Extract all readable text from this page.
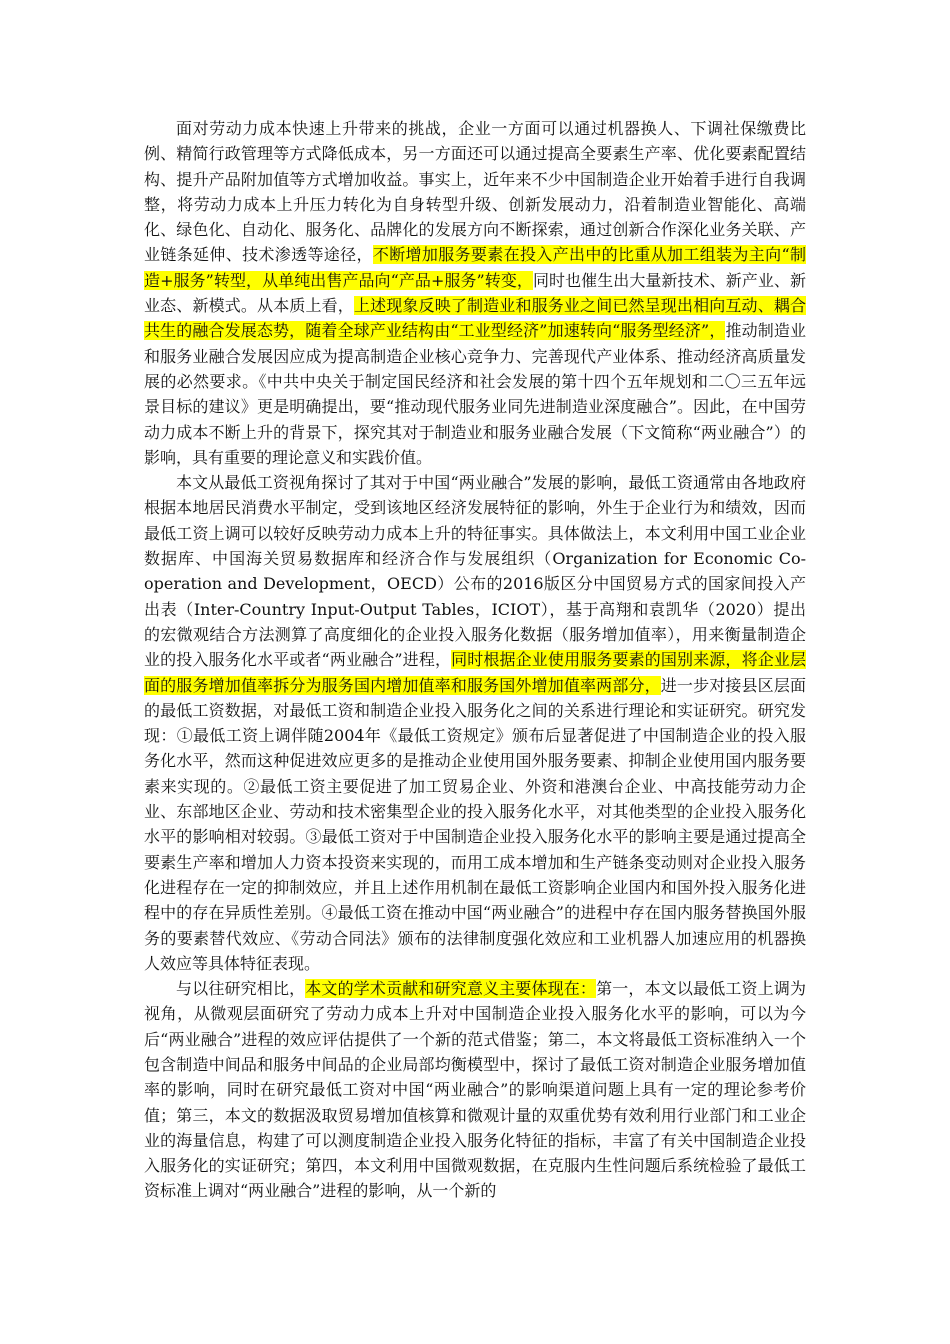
面对劳动力成本快速上升带来的挑战，企业一方面可以通过机器换人、下调社保缴费比例、精简行政管理等方式降低成本，另一方面还可以通过提高全要素生产率、优化要素配置结构、提升产品附加值等方式增加收益。事实上，近年来不少中国制造企业开始着手进行自我调整，将劳动力成本上升压力转化为自身转型升级、创新发展动力，沿着制造业智能化、高端化、绿色化、自动化、服务化、品牌化的发展方向不断探索，通过创新合作深化业务关联、产业链条延伸、技术渗透等途径，不断增加服务要素在投入产出中的比重从加工组装为主向“制造+服务”转型，从单纯出售产品向“产品+服务”转变，同时也催生出大量新技术、新产业、新业态、新模式。从本质上看，上述现象反映了制造业和服务业之间已然呈现出相向互动、耦合共生的融合发展态势，随着全球产业结构由“工业型经济”加速转向“服务型经济”，推动制造业和服务业融合发展因应成为提高制造企业核心竞争力、完善现代产业体系、推动经济高质量发展的必然要求。《中共中央关于制定国民经济和社会发展的第十四个五年规划和二〇三五年远景目标的建议》更是明确提出，要“推动现代服务业同先进制造业深度融合”。因此，在中国劳动力成本不断上升的背景下，探究其对于制造业和服务业融合发展（下文简称“两业融合”）的影响，具有重要的理论意义和实践价值。

本文从最低工资视角探讨了其对于中国“两业融合”发展的影响，最低工资通常由各地政府根据本地居民消费水平制定，受到该地区经济发展特征的影响，外生于企业行为和绩效，因而最低工资上调可以较好反映劳动力成本上升的特征事实。具体做法上，本文利用中国工业企业数据库、中国海关贸易数据库和经济合作与发展组织（Organization for Economic Co-operation and Development，OECD）公布的2016版区分中国贸易方式的国家间投入产出表（Inter-Country Input-Output Tables，ICIOT），基于高翔和袁凯华（2020）提出的宏微观结合方法测算了高度细化的企业投入服务化数据（服务增加值率），用来衡量制造企业的投入服务化水平或者“两业融合”进程，同时根据企业使用服务要素的国别来源，将企业层面的服务增加值率拆分为服务国内增加值率和服务国外增加值率两部分，进一步对接县区层面的最低工资数据，对最低工资和制造企业投入服务化之间的关系进行理论和实证研究。研究发现：①最低工资上调伴随2004年《最低工资规定》颁布后显著促进了中国制造企业的投入服务化水平，然而这种促进效应更多的是推动企业使用国外服务要素、抑制企业使用国内服务要素来实现的。②最低工资主要促进了加工贸易企业、外资和港澳台企业、中高技能劳动力企业、东部地区企业、劳动和技术密集型企业的投入服务化水平，对其他类型的企业投入服务化水平的影响相对较弱。③最低工资对于中国制造企业投入服务化水平的影响主要是通过提高全要素生产率和增加人力资本投资来实现的，而用工成本增加和生产链条变动则对企业投入服务化进程存在一定的抑制效应，并且上述作用机制在最低工资影响企业国内和国外投入服务化进程中的存在异质性差别。④最低工资在推动中国“两业融合”的进程中存在国内服务替换国外服务的要素替代效应、《劳动合同法》颁布的法律制度强化效应和工业机器人加速应用的机器换人效应等具体特征表现。

与以往研究相比，本文的学术贡献和研究意义主要体现在：第一，本文以最低工资上调为视角，从微观层面研究了劳动力成本上升对中国制造企业投入服务化水平的影响，可以为今后“两业融合”进程的效应评估提供了一个新的范式借鉴；第二，本文将最低工资标准纳入一个包含制造中间品和服务中间品的企业局部均衡模型中，探讨了最低工资对制造企业服务增加值率的影响，同时在研究最低工资对中国“两业融合”的影响渠道问题上具有一定的理论参考价值；第三，本文的数据汲取贸易增加值核算和微观计量的双重优势有效利用行业部门和工业企业的海量信息，构建了可以测度制造企业投入服务化特征的指标，丰富了有关中国制造企业投入服务化的实证研究；第四，本文利用中国微观数据，在克服内生性问题后系统检验了最低工资标准上调对“两业融合”进程的影响，从一个新的
